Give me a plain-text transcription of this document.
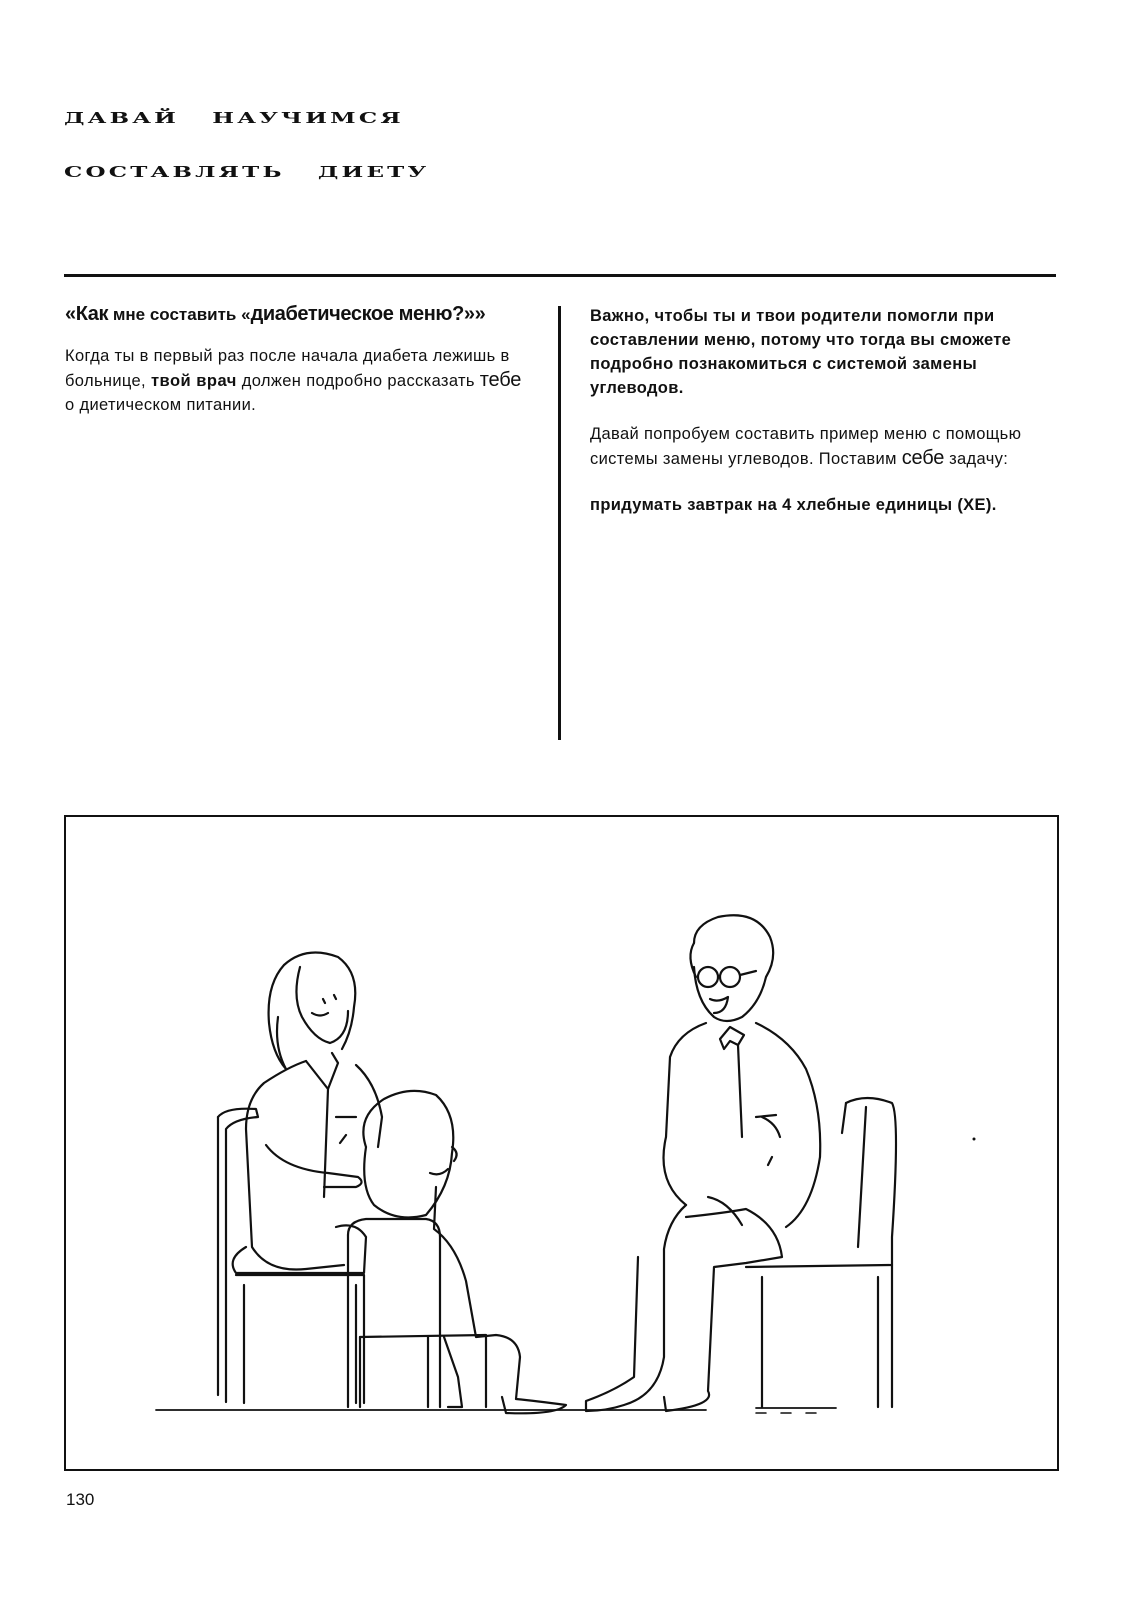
ДАВАЙ НАУЧИМСЯ
СОСТАВЛЯТЬ ДИЕТУ
«Как мне составить «диабетическое меню?»»

Когда ты в первый раз после начала диабета лежишь в больнице, твой врач должен подробно рассказать тебе о диетическом питании.

Важно, чтобы ты и твои родители помогли при составлении меню, потому что тогда вы сможете подробно познакомиться с системой замены углеводов.

Давай попробуем составить пример меню с помощью системы замены углеводов. Поставим себе задачу:

придумать завтрак на 4 хлебные единицы (ХЕ).

130
